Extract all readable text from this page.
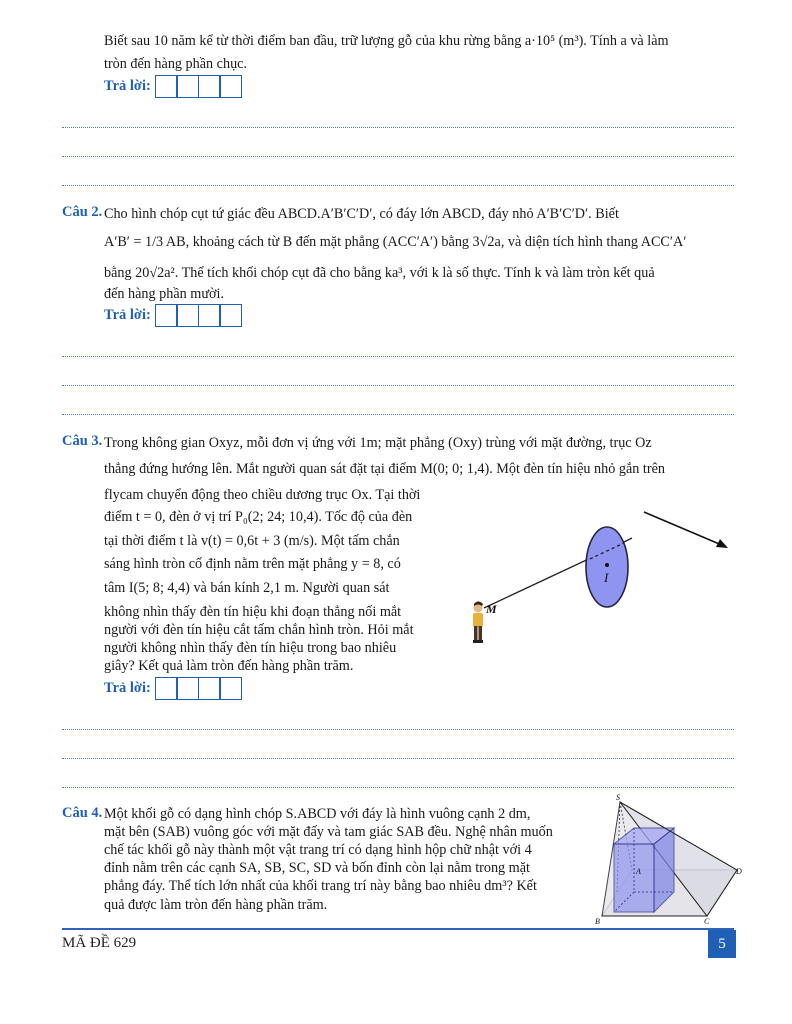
Biết sau 10 năm kể từ thời điểm ban đầu, trữ lượng gỗ của khu rừng bằng a·10⁵ (m³). Tính a và làm
tròn đến hàng phần chục.
Trả lời:
Câu 2. Cho hình chóp cụt tứ giác đều ABCD.A′B′C′D′, có đáy lớn ABCD, đáy nhỏ A′B′C′D′. Biết
A′B′ = 1/3 AB, khoảng cách từ B đến mặt phẳng (ACC′A′) bằng 3√2a, và diện tích hình thang ACC′A′
bằng 20√2a². Thể tích khối chóp cụt đã cho bằng ka³, với k là số thực. Tính k và làm tròn kết quả
đến hàng phần mười.
Trả lời:
Câu 3. Trong không gian Oxyz, mỗi đơn vị ứng với 1m; mặt phẳng (Oxy) trùng với mặt đường, trục Oz
thẳng đứng hướng lên. Mắt người quan sát đặt tại điểm M(0; 0; 1,4). Một đèn tín hiệu nhỏ gắn trên
flycam chuyển động theo chiều dương trục Ox. Tại thời
điểm t = 0, đèn ở vị trí P₀(2; 24; 10,4). Tốc độ của đèn
tại thời điểm t là v(t) = 0,6t + 3 (m/s). Một tấm chắn
sáng hình tròn cố định nằm trên mặt phẳng y = 8, có
tâm I(5; 8; 4,4) và bán kính 2,1 m. Người quan sát
không nhìn thấy đèn tín hiệu khi đoạn thẳng nối mắt
người với đèn tín hiệu cắt tấm chắn hình tròn. Hỏi mắt
người không nhìn thấy đèn tín hiệu trong bao nhiêu
giây? Kết quả làm tròn đến hàng phần trăm.
I
M
Trả lời:
Câu 4. Một khối gỗ có dạng hình chóp S.ABCD với đáy là hình vuông cạnh 2 dm,
mặt bên (SAB) vuông góc với mặt đấy và tam giác SAB đều. Nghệ nhân muốn
chế tác khối gỗ này thành một vật trang trí có dạng hình hộp chữ nhật với 4
đỉnh nằm trên các cạnh SA, SB, SC, SD và bốn đỉnh còn lại nằm trong mặt
phẳng đáy. Thể tích lớn nhất của khối trang trí này bằng bao nhiêu dm³? Kết
quả được làm tròn đến hàng phần trăm.
S
A
B	C
D
MÃ ĐỀ 629	5
